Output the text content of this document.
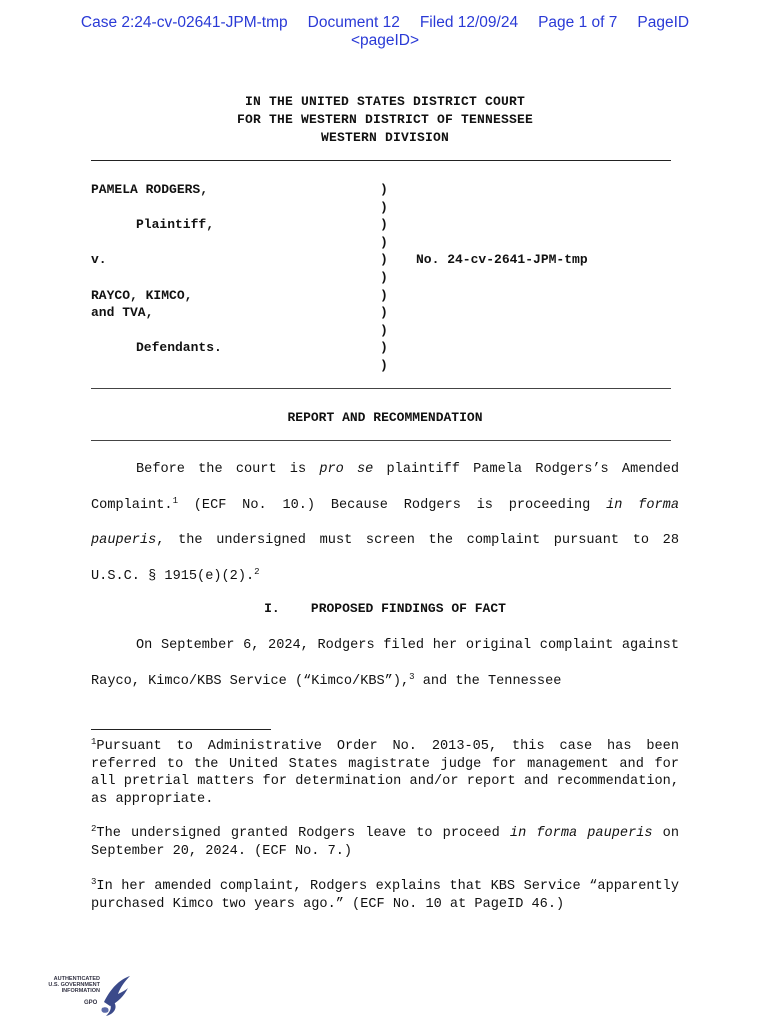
Case 2:24-cv-02641-JPM-tmp Document 12 Filed 12/09/24 Page 1 of 7 PageID
<pageID>
IN THE UNITED STATES DISTRICT COURT
FOR THE WESTERN DISTRICT OF TENNESSEE
WESTERN DIVISION
PAMELA RODGERS,

Plaintiff,

v.

RAYCO, KIMCO,
and TVA,

Defendants.
)
)
)
)
)
)
)
)
)
)
)
No. 24-cv-2641-JPM-tmp
REPORT AND RECOMMENDATION

Before the court is pro se plaintiff Pamela Rodgers’s Amended Complaint.$^1$ (ECF No. 10.) Because Rodgers is proceeding in forma pauperis, the undersigned must screen the complaint pursuant to 28 U.S.C. § 1915(e)(2).$^2$

I. PROPOSED FINDINGS OF FACT

On September 6, 2024, Rodgers filed her original complaint against Rayco, Kimco/KBS Service (“Kimco/KBS”),$^3$ and the Tennessee

$^1$Pursuant to Administrative Order No. 2013-05, this case has been referred to the United States magistrate judge for management and for all pretrial matters for determination and/or report and recommendation, as appropriate.

$^2$The undersigned granted Rodgers leave to proceed in forma pauperis on September 20, 2024. (ECF No. 7.)

$^3$In her amended complaint, Rodgers explains that KBS Service “apparently purchased Kimco two years ago.” (ECF No. 10 at PageID 46.)

AUTHENTICATED
U.S. GOVERNMENT
INFORMATION
GPO
